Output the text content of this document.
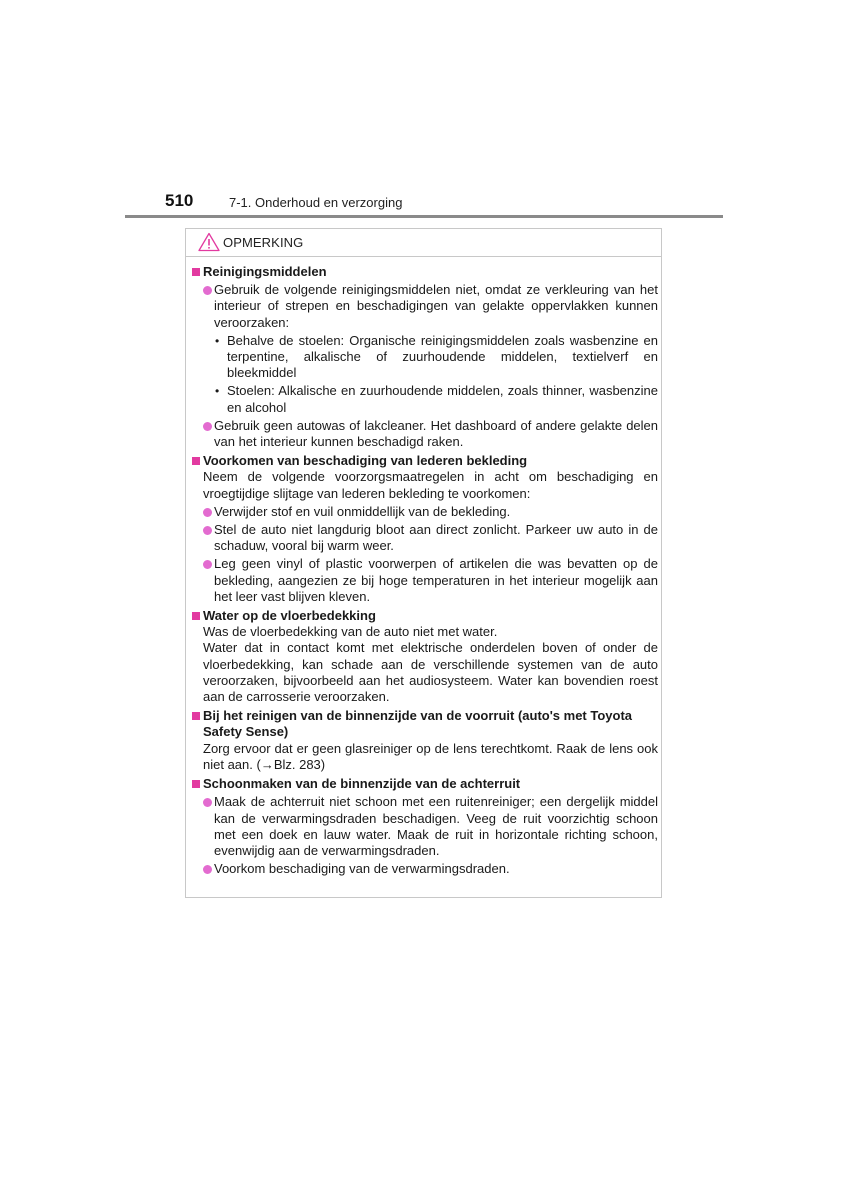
510	7-1. Onderhoud en verzorging
OPMERKING
Reinigingsmiddelen
Gebruik de volgende reinigingsmiddelen niet, omdat ze verkleuring van het interieur of strepen en beschadigingen van gelakte oppervlakken kunnen veroorzaken:
• Behalve de stoelen: Organische reinigingsmiddelen zoals wasbenzine en terpentine, alkalische of zuurhoudende middelen, textielverf en bleekmiddel
• Stoelen: Alkalische en zuurhoudende middelen, zoals thinner, wasbenzine en alcohol
Gebruik geen autowas of lakcleaner. Het dashboard of andere gelakte delen van het interieur kunnen beschadigd raken.
Voorkomen van beschadiging van lederen bekleding
Neem de volgende voorzorgsmaatregelen in acht om beschadiging en vroegtijdige slijtage van lederen bekleding te voorkomen:
Verwijder stof en vuil onmiddellijk van de bekleding.
Stel de auto niet langdurig bloot aan direct zonlicht. Parkeer uw auto in de schaduw, vooral bij warm weer.
Leg geen vinyl of plastic voorwerpen of artikelen die was bevatten op de bekleding, aangezien ze bij hoge temperaturen in het interieur mogelijk aan het leer vast blijven kleven.
Water op de vloerbedekking
Was de vloerbedekking van de auto niet met water.
Water dat in contact komt met elektrische onderdelen boven of onder de vloerbedekking, kan schade aan de verschillende systemen van de auto veroorzaken, bijvoorbeeld aan het audiosysteem. Water kan bovendien roest aan de carrosserie veroorzaken.
Bij het reinigen van de binnenzijde van de voorruit (auto's met Toyota Safety Sense)
Zorg ervoor dat er geen glasreiniger op de lens terechtkomt. Raak de lens ook niet aan. (→Blz. 283)
Schoonmaken van de binnenzijde van de achterruit
Maak de achterruit niet schoon met een ruitenreiniger; een dergelijk middel kan de verwarmingsdraden beschadigen. Veeg de ruit voorzichtig schoon met een doek en lauw water. Maak de ruit in horizontale richting schoon, evenwijdig aan de verwarmingsdraden.
Voorkom beschadiging van de verwarmingsdraden.
